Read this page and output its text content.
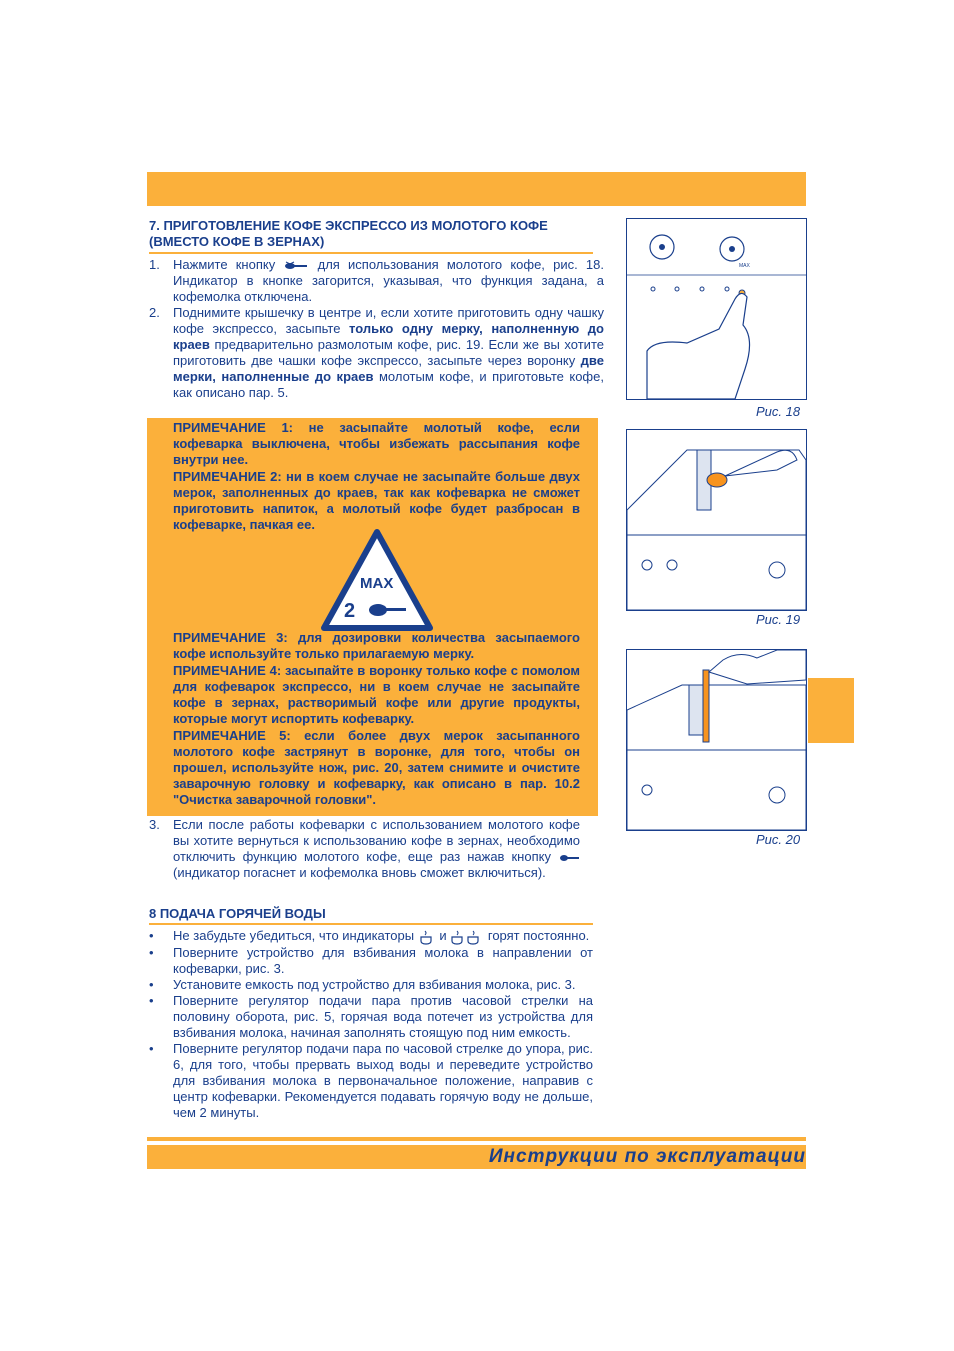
7. ПРИГОТОВЛЕНИЕ КОФЕ ЭКСПРЕССО ИЗ МОЛОТОГО КОФЕ
(ВМЕСТО КОФЕ В ЗЕРНАХ)
1. Нажмите кнопку	для использования молотого кофе, рис. 18. Индикатор в кнопке загорится, указывая, что функция задана, а кофемолка отключена.
2. Поднимите крышечку в центре и, если хотите приготовить одну чашку кофе экспрессо, засыпьте только одну мерку, наполненную до краев предварительно размолотым кофе, рис. 19. Если же вы хотите приготовить две чашки кофе экспрессо, засыпьте через воронку две мерки, наполненные до краев молотым кофе, и приготовьте кофе, как описано пар. 5.

ПРИМЕЧАНИЕ 1: не засыпайте молотый кофе, если кофеварка выключена, чтобы избежать рассыпания кофе внутри нее.

ПРИМЕЧАНИЕ 2: ни в коем случае не засыпайте больше двух мерок, заполненных до краев, так как кофеварка не сможет приготовить напиток, а молотый кофе будет разбросан в кофеварке, пачкая ее.

MAX
2

ПРИМЕЧАНИЕ 3: для дозировки количества засыпаемого кофе используйте только прилагаемую мерку.

ПРИМЕЧАНИЕ 4: засыпайте в воронку только кофе с помолом для кофеварок экспрессо, ни в коем случае не засыпайте кофе в зернах, растворимый кофе или другие продукты, которые могут испортить кофеварку.

ПРИМЕЧАНИЕ 5: если более двух мерок засыпанного молотого кофе застрянут в воронке, для того, чтобы он прошел, используйте нож, рис. 20, затем снимите и очистите заварочную головку и кофеварку, как описано в пар. 10.2 "Очистка заварочной головки".

3. Если после работы кофеварки с использованием молотого кофе вы хотите вернуться к использованию кофе в зернах, необходимо отключить функцию молотого кофе, еще раз нажав кнопку  (индикатор погаснет и кофемолка вновь сможет включиться).
8 ПОДАЧА ГОРЯЧЕЙ ВОДЫ
• Не забудьте убедиться, что индикаторы и	горят постоянно.
• Поверните устройство для взбивания молока в направлении от кофеварки, рис. 3.
• Установите емкость под устройство для взбивания молока, рис. 3.
• Поверните регулятор подачи пара против часовой стрелки на половину оборота, рис. 5, горячая вода потечет из устройства для взбивания молока, начиная заполнять стоящую под ним емкость.
• Поверните регулятор подачи пара по часовой стрелке до упора, рис. 6, для того, чтобы прервать выход воды и переведите устройство для взбивания молока в первоначальное положение, направив с центр кофеварки. Рекомендуется подавать горячую воду не дольше, чем 2 минуты.
MAX
Рис. 18
Рис. 19
Рис. 20
Инструкции по эксплуатации
